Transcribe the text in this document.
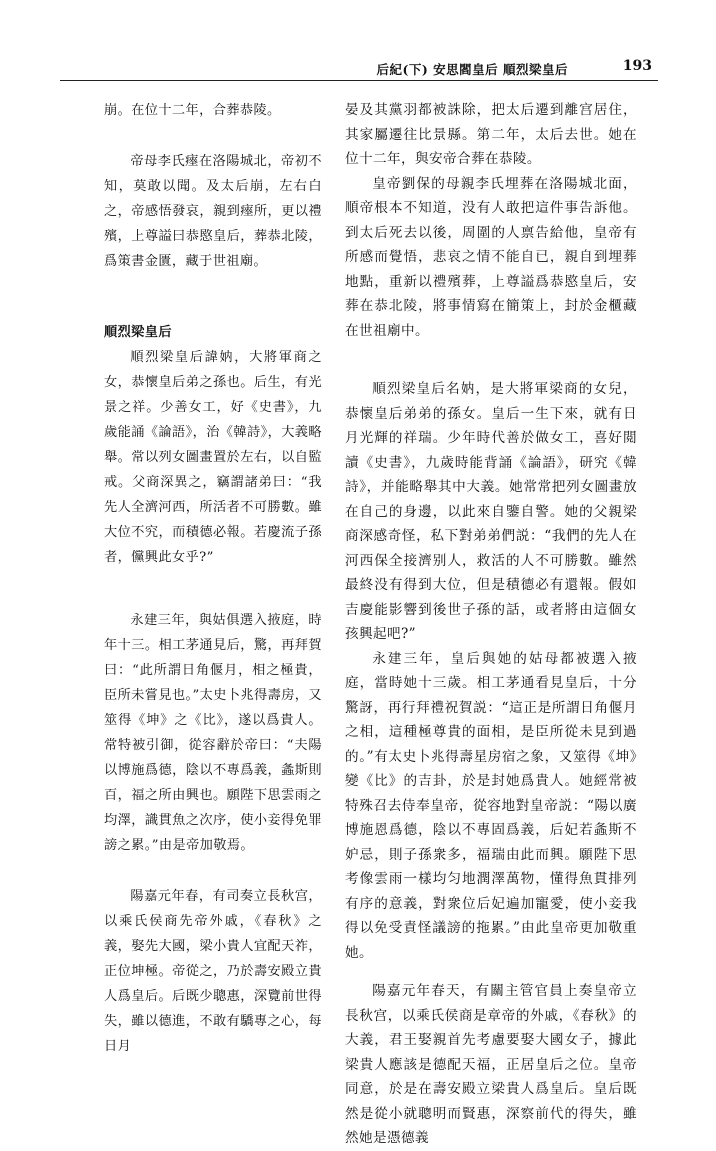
后紀(下) 安思閻皇后 順烈梁皇后	193

崩。在位十二年，合葬恭陵。

帝母李氏瘞在洛陽城北，帝初不知，莫敢以聞。及太后崩，左右白之，帝感悟發哀，親到瘞所，更以禮殯，上尊謚曰恭愍皇后，葬恭北陵，爲策書金匱，藏于世祖廟。

順烈梁皇后

順烈梁皇后諱妠，大將軍商之女，恭懷皇后弟之孫也。后生，有光景之祥。少善女工，好《史書》，九歲能誦《論語》，治《韓詩》，大義略舉。常以列女圖畫置於左右，以自監戒。父商深異之，竊謂諸弟曰：“我先人全濟河西，所活者不可勝數。雖大位不究，而積德必報。若慶流子孫者，儻興此女乎?”

永建三年，與姑俱選入掖庭，時年十三。相工茅通見后，驚，再拜賀曰：“此所謂日角偃月，相之極貴，臣所未嘗見也。”太史卜兆得壽房，又筮得《坤》之《比》，遂以爲貴人。常特被引御，從容辭於帝曰：“夫陽以博施爲德，陰以不專爲義，螽斯則百，福之所由興也。願陛下思雲雨之均澤，識貫魚之次序，使小妾得免罪謗之累。”由是帝加敬焉。

陽嘉元年春，有司奏立長秋宫，以乘氏侯商先帝外戚，《春秋》之義，娶先大國，梁小貴人宜配天祚，正位坤極。帝從之，乃於壽安殿立貴人爲皇后。后既少聰惠，深覽前世得失，雖以德進，不敢有驕專之心，每日月

晏及其黨羽都被誅除，把太后遷到離宫居住，其家屬遷往比景縣。第二年，太后去世。她在位十二年，與安帝合葬在恭陵。

皇帝劉保的母親李氏埋葬在洛陽城北面，順帝根本不知道，没有人敢把這件事告訴他。到太后死去以後，周圍的人禀告給他，皇帝有所感而覺悟，悲哀之情不能自已，親自到埋葬地點，重新以禮殯葬，上尊謚爲恭愍皇后，安葬在恭北陵，將事情寫在簡策上，封於金櫃藏在世祖廟中。

順烈梁皇后名妠，是大將軍梁商的女兒，恭懷皇后弟弟的孫女。皇后一生下來，就有日月光輝的祥瑞。少年時代善於做女工，喜好閲讀《史書》，九歲時能背誦《論語》，研究《韓詩》，并能略舉其中大義。她常常把列女圖畫放在自己的身邊，以此來自鑒自警。她的父親梁商深感奇怪，私下對弟弟們説：“我們的先人在河西保全接濟别人，救活的人不可勝數。雖然最終没有得到大位，但是積德必有還報。假如吉慶能影響到後世子孫的話，或者將由這個女孩興起吧?”

永建三年，皇后與她的姑母都被選入掖庭，當時她十三歲。相工茅通看見皇后，十分驚訝，再行拜禮祝賀説：“這正是所謂日角偃月之相，這種極尊貴的面相，是臣所從未見到過的。”有太史卜兆得壽星房宿之象，又筮得《坤》變《比》的吉卦，於是封她爲貴人。她經常被特殊召去侍奉皇帝，從容地對皇帝説：“陽以廣博施恩爲德，陰以不專固爲義，后妃若螽斯不妒忌，則子孫衆多，福瑞由此而興。願陛下思考像雲雨一樣均匀地潤澤萬物，懂得魚貫排列有序的意義，對衆位后妃遍加寵愛，使小妾我得以免受責怪議謗的拖累。”由此皇帝更加敬重她。

陽嘉元年春天，有關主管官員上奏皇帝立長秋宫，以乘氏侯商是章帝的外戚，《春秋》的大義，君王娶親首先考慮要娶大國女子，據此梁貴人應該是德配天福，正居皇后之位。皇帝同意，於是在壽安殿立梁貴人爲皇后。皇后既然是從小就聰明而賢惠，深察前代的得失，雖然她是憑德義
